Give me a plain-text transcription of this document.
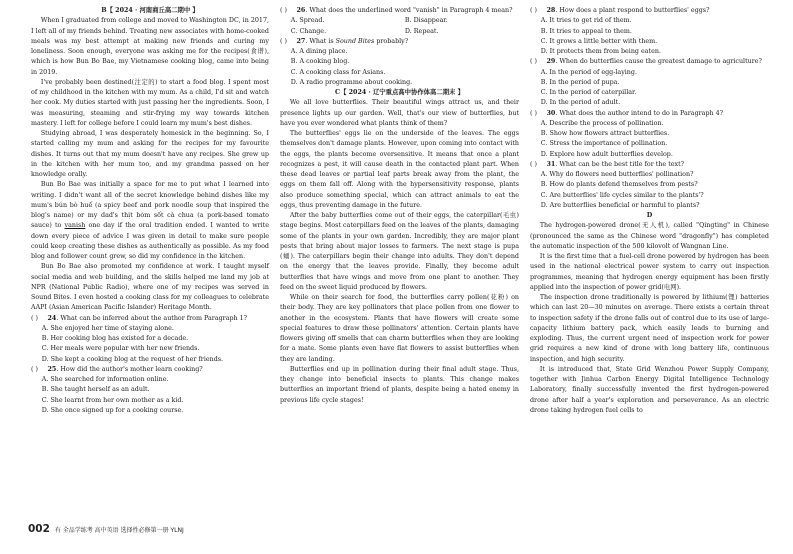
B【 2024 · 河南商丘高二期中 】

When I graduated from college and moved to Washington DC, in 2017, I left all of my friends behind. Treating new associates with home-cooked meals was my best attempt at making new friends and curing my loneliness. Soon enough, everyone was asking me for the recipes(食谱), which is how Bun Bo Bae, my Vietnamese cooking blog, came into being in 2019.

I've probably been destined(注定的) to start a food blog. I spent most of my childhood in the kitchen with my mum. As a child, I'd sit and watch her cook. My duties started with just passing her the ingredients. Soon, I was measuring, steaming and stir-frying my way towards kitchen mastery. I left for college before I could learn my mum's best dishes.

Studying abroad, I was desperately homesick in the beginning. So, I started calling my mum and asking for the recipes for my favourite dishes. It turns out that my mum doesn't have any recipes. She grew up in the kitchen with her mum too, and my grandma passed on her knowledge orally.

Bun Bo Bae was initially a space for me to put what I learned into writing. I didn't want all of the secret knowledge behind dishes like my mum's bún bò huế (a spicy beef and pork noodle soup that inspired the blog's name) or my dad's thịt bòm sốt cà chua (a pork-based tomato sauce) to vanish one day if the oral tradition ended. I wanted to write down every piece of advice I was given in detail to make sure people could keep creating these dishes as authentically as possible. As my food blog and follower count grew, so did my confidence in the kitchen.

Bun Bo Bae also promoted my confidence at work. I taught myself social media and web building, and the skills helped me land my job at NPR (National Public Radio), where one of my recipes was served in Sound Bites. I even hosted a cooking class for my colleagues to celebrate AAPI (Asian American Pacific Islander) Heritage Month.

( ) 24. What can be inferred about the author from Paragraph 1?

A. She enjoyed her time of staying alone.

B. Her cooking blog has existed for a decade.

C. Her meals were popular with her new friends.

D. She kept a cooking blog at the request of her friends.

( ) 25. How did the author's mother learn cooking?

A. She searched for information online.

B. She taught herself as an adult.

C. She learnt from her own mother as a kid.

D. She once signed up for a cooking course.

( ) 26. What does the underlined word "vanish" in Paragraph 4 mean?

A. Spread.	B. Disappear.

C. Change.	D. Repeat.

( ) 27. What is Sound Bites probably?

A. A dining place.

B. A cooking blog.

C. A cooking class for Asians.

D. A radio programme about cooking.

C【 2024 · 辽宁重点高中协作体高二期末 】

We all love butterflies. Their beautiful wings attract us, and their presence lights up our garden. Well, that's our view of butterflies, but have you ever wondered what plants think of them?

The butterflies' eggs lie on the underside of the leaves. The eggs themselves don't damage plants. However, upon coming into contact with the eggs, the plants become oversensitive. It means that once a plant recognizes a pest, it will cause death in the contacted plant part. When these dead leaves or partial leaf parts break away from the plant, the eggs on them fall off. Along with the hypersensitivity response, plants also produce something special, which can attract animals to eat the eggs, thus preventing damage in the future.

After the baby butterflies come out of their eggs, the caterpillar(毛虫) stage begins. Most caterpillars feed on the leaves of the plants, damaging some of the plants in your own garden. Incredibly, they are major plant pests that bring about major losses to farmers. The next stage is pupa (蛹). The caterpillars begin their change into adults. They don't depend on the energy that the leaves provide. Finally, they become adult butterflies that have wings and move from one plant to another. They feed on the sweet liquid produced by flowers.

While on their search for food, the butterflies carry pollen(花粉) on their body. They are key pollinators that place pollen from one flower to another in the ecosystem. Plants that have flowers will create some special features to draw these pollinators' attention. Certain plants have flowers giving off smells that can charm butterflies when they are looking for a mate. Some plants even have flat flowers to assist butterflies when they are landing.

Butterflies end up in pollination during their final adult stage. Thus, they change into beneficial insects to plants. This change makes butterflies an important friend of plants, despite being a hated enemy in previous life cycle stages!

( ) 28. How does a plant respond to butterflies' eggs?

A. It tries to get rid of them.

B. It tries to appeal to them.

C. It grows a little better with them.

D. It protects them from being eaten.

( ) 29. When do butterflies cause the greatest damage to agriculture?

A. In the period of egg-laying.

B. In the period of pupa.

C. In the period of caterpillar.

D. In the period of adult.

( ) 30. What does the author intend to do in Paragraph 4?

A. Describe the process of pollination.

B. Show how flowers attract butterflies.

C. Stress the importance of pollination.

D. Explore how adult butterflies develop.

( ) 31. What can be the best title for the text?

A. Why do flowers need butterflies' pollination?

B. How do plants defend themselves from pests?

C. Are butterflies' life cycles similar to the plants'?

D. Are butterflies beneficial or harmful to plants?

D

The hydrogen-powered drone(无人机), called "Qingting" in Chinese (pronounced the same as the Chinese word "dragonfly") has completed the automatic inspection of the 500 kilovolt of Wangnan Line.

It is the first time that a fuel-cell drone powered by hydrogen has been used in the national electrical power system to carry out inspection programmes, meaning that hydrogen energy equipment has been firstly applied into the inspection of power grid(电网).

The inspection drone traditionally is powered by lithium(锂) batteries which can last 20—30 minutes on average. There exists a certain threat to inspection safety if the drone falls out of control due to its use of large-capacity lithium battery pack, which easily leads to burning and exploding. Thus, the current urgent need of inspection work for power grid requires a new kind of drone with long battery life, continuous inspection, and high security.

It is introduced that, State Grid Wenzhou Power Supply Company, together with Jinhua Carbon Energy Digital Intelligence Technology Laboratory, finally successfully invented the first hydrogen-powered drone after half a year's exploration and perseverance. As an electric drone taking hydrogen fuel cells to

002 有 全品学练考 高中英语 选择性必修第一册 YLNJ
